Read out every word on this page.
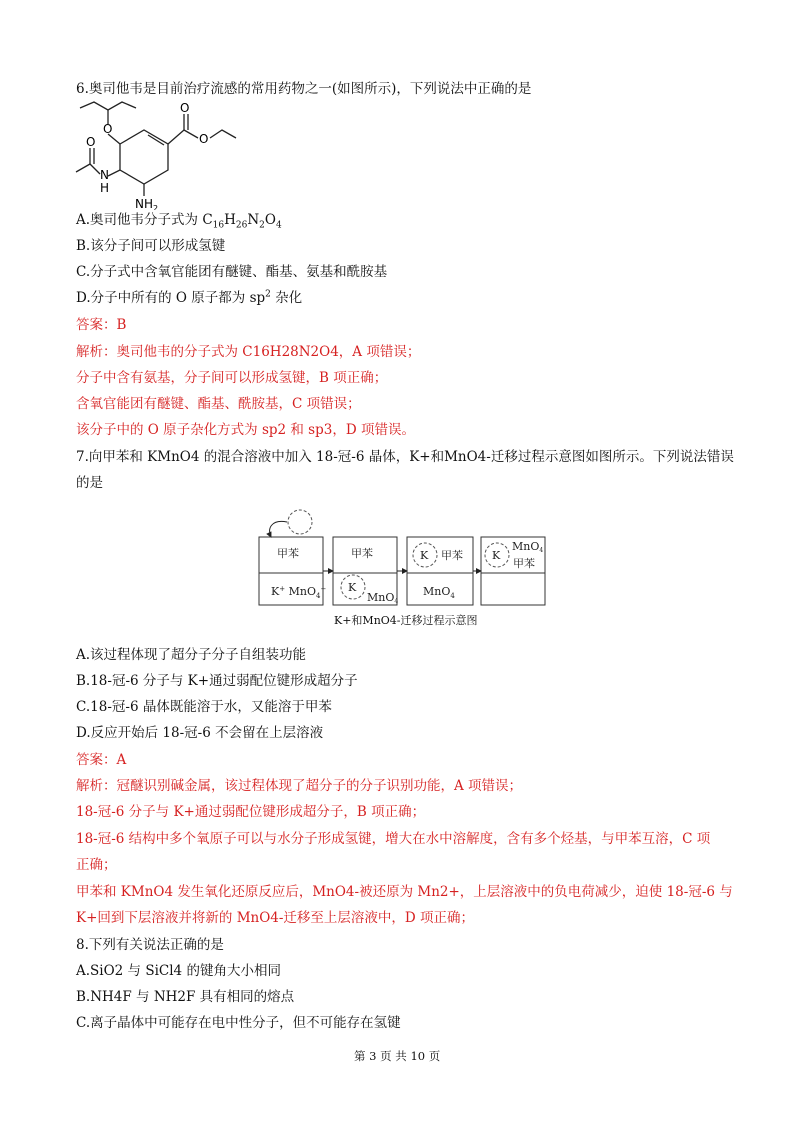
6.奥司他韦是目前治疗流感的常用药物之一(如图所示)，下列说法中正确的是
O
O
O
O
N
H
$NH_2$
A.奥司他韦分子式为 $C_{16}H_{26}N_2O_4$
B.该分子间可以形成氢键
C.分子式中含氧官能团有醚键、酯基、氨基和酰胺基
D.分子中所有的 O 原子都为 $sp^2$ 杂化
答案：B
解析：奥司他韦的分子式为 C16H28N2O4，A 项错误；
分子中含有氨基，分子间可以形成氢键，B 项正确；
含氧官能团有醚键、酯基、酰胺基，C 项错误；
该分子中的 O 原子杂化方式为 sp2 和 sp3，D 项错误。
7.向甲苯和 KMnO4 的混合溶液中加入 18-冠-6 晶体，K+和MnO4-迁移过程示意图如图所示。下列说法错误
的是
甲苯
K+ MnO$_4$−
甲苯
K
MnO4
K 甲苯
MnO$_4$
K
MnO4
甲苯
K+和MnO4-迁移过程示意图
A.该过程体现了超分子分子自组装功能
B.18-冠-6 分子与 K+通过弱配位键形成超分子
C.18-冠-6 晶体既能溶于水，又能溶于甲苯
D.反应开始后 18-冠-6 不会留在上层溶液
答案：A
解析：冠醚识别碱金属，该过程体现了超分子的分子识别功能，A 项错误；
18-冠-6 分子与 K+通过弱配位键形成超分子，B 项正确；
18-冠-6 结构中多个氧原子可以与水分子形成氢键，增大在水中溶解度，含有多个烃基，与甲苯互溶，C 项
正确；
甲苯和 KMnO4 发生氧化还原反应后，MnO4-被还原为 Mn2+，上层溶液中的负电荷减少，迫使 18-冠-6 与
K+回到下层溶液并将新的 MnO4-迁移至上层溶液中，D 项正确；
8.下列有关说法正确的是
A.SiO2 与 SiCl4 的键角大小相同
B.NH4F 与 NH2F 具有相同的熔点
C.离子晶体中可能存在电中性分子，但不可能存在氢键
第 3 页 共 10 页
